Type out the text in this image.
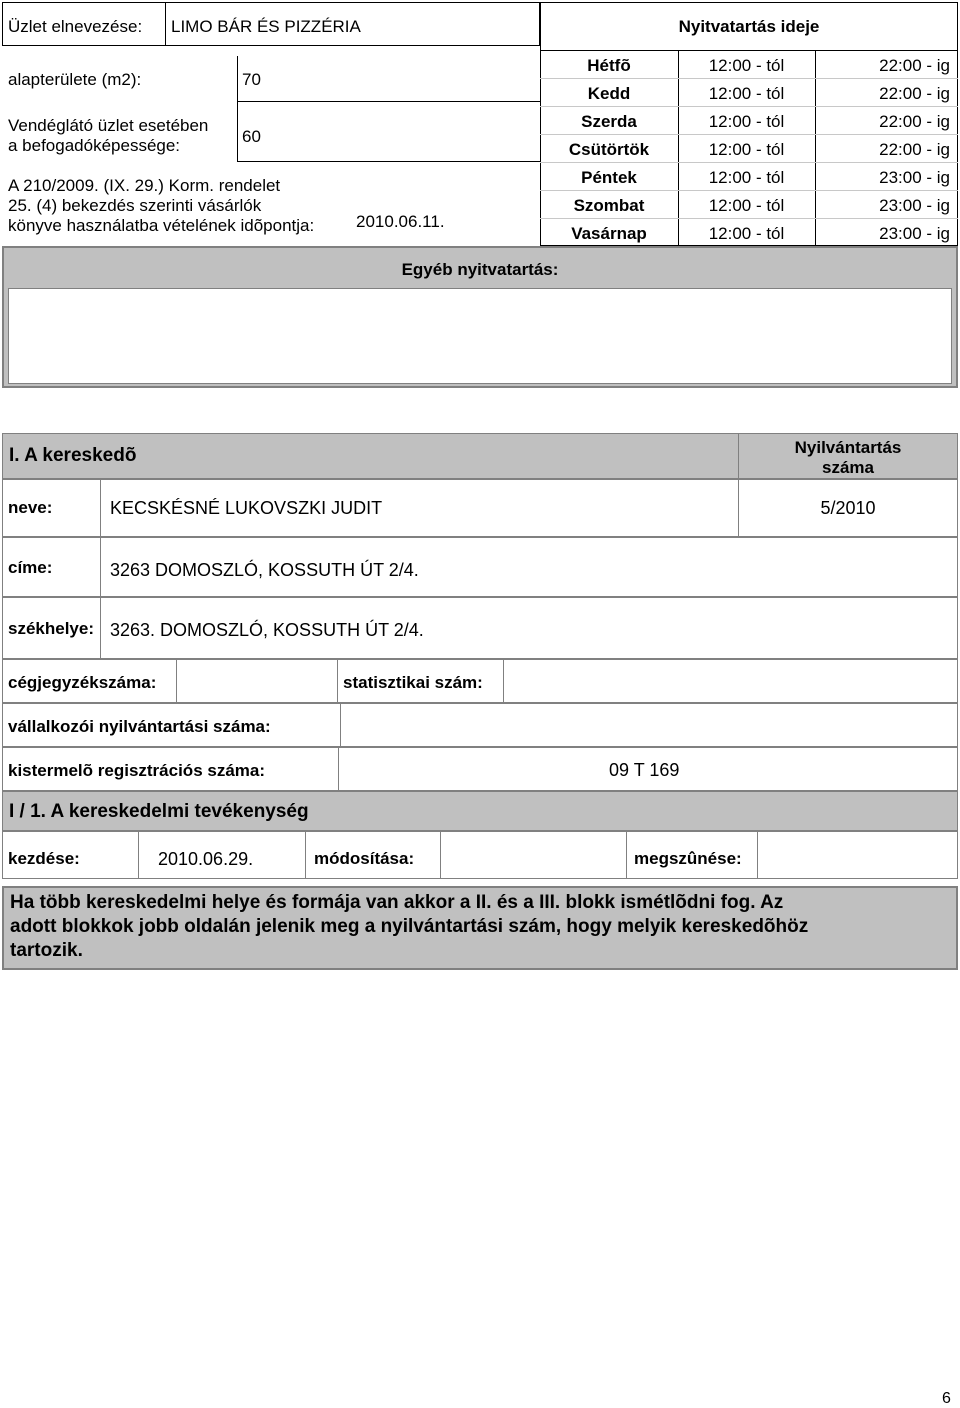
Üzlet elnevezése: LIMO BÁR ÉS PIZZÉRIA
alapterülete (m2):	70
Vendéglátó üzlet esetében
a befogadóképessége:	60
A 210/2009. (IX. 29.) Korm. rendelet
25. (4) bekezdés szerinti vásárlók
könyve használatba vételének idõpontja: 2010.06.11.
Nyitvatartás ideje
Hétfõ	12:00 - tól	22:00 - ig
Kedd	12:00 - tól	22:00 - ig
Szerda	12:00 - tól	22:00 - ig
Csütörtök	12:00 - tól	22:00 - ig
Péntek	12:00 - tól	23:00 - ig
Szombat	12:00 - tól	23:00 - ig
Vasárnap	12:00 - tól	23:00 - ig
Egyéb nyitvatartás:
I. A kereskedõ	Nyilvántartás
száma
neve:	KECSKÉSNÉ LUKOVSZKI JUDIT	5/2010
címe:	3263 DOMOSZLÓ, KOSSUTH ÚT 2/4.
székhelye: 3263. DOMOSZLÓ, KOSSUTH ÚT 2/4.
cégjegyzékszáma:	statisztikai szám:
vállalkozói nyilvántartási száma:
kistermelõ regisztrációs száma:	09 T 169
I / 1. A kereskedelmi tevékenység
kezdése:	2010.06.29.	módosítása:	megszûnése:
Ha több kereskedelmi helye és formája van akkor a II. és a III. blokk ismétlõdni fog. Az
adott blokkok jobb oldalán jelenik meg a nyilvántartási szám, hogy melyik kereskedõhöz
tartozik.
6
